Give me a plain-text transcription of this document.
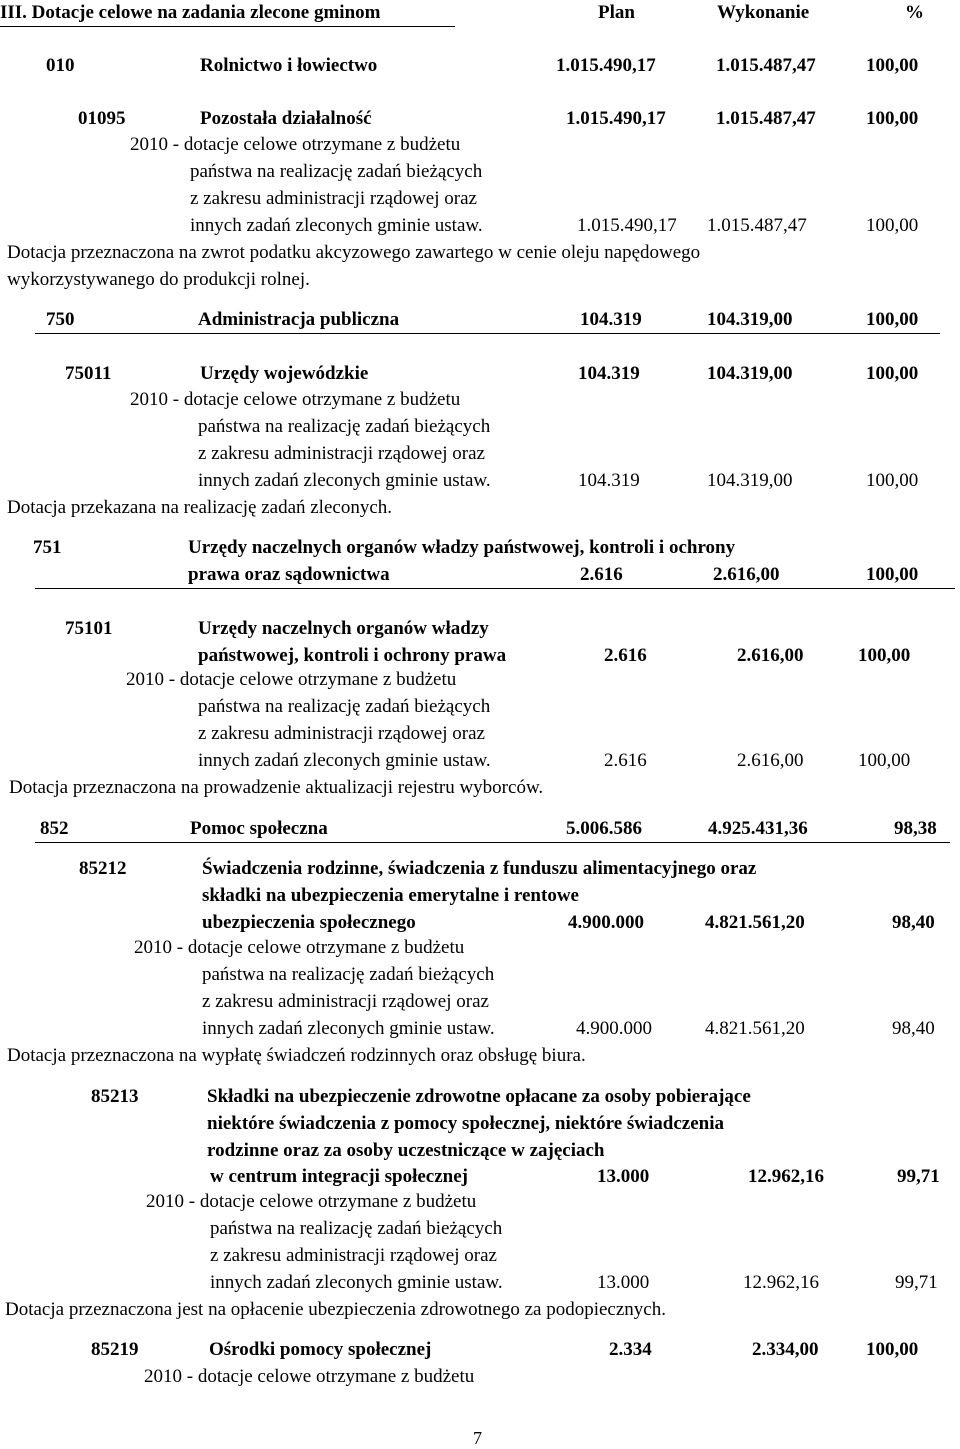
III. Dotacje celowe na zadania zlecone gminom	Plan	Wykonanie	%
010	Rolnictwo i łowiectwo	1.015.490,17	1.015.487,47	100,00
01095	Pozostała działalność	1.015.490,17	1.015.487,47	100,00
2010 - dotacje celowe otrzymane z budżetu
państwa na realizację zadań bieżących
z zakresu administracji rządowej oraz
innych zadań zleconych gminie ustaw.	1.015.490,17 1.015.487,47	100,00
Dotacja przeznaczona na zwrot podatku akcyzowego zawartego w cenie oleju napędowego
wykorzystywanego do produkcji rolnej.
750	Administracja publiczna	104.319	104.319,00	100,00
75011	Urzędy wojewódzkie	104.319	104.319,00	100,00
2010 - dotacje celowe otrzymane z budżetu
państwa na realizację zadań bieżących
z zakresu administracji rządowej oraz
innych zadań zleconych gminie ustaw.	104.319	104.319,00	100,00
Dotacja przekazana na realizację zadań zleconych.
751	Urzędy naczelnych organów władzy państwowej, kontroli i ochrony
prawa oraz sądownictwa	2.616	2.616,00	100,00
75101	Urzędy naczelnych organów władzy
państwowej, kontroli i ochrony prawa	2.616	2.616,00	100,00
2010 - dotacje celowe otrzymane z budżetu
państwa na realizację zadań bieżących
z zakresu administracji rządowej oraz
innych zadań zleconych gminie ustaw.	2.616	2.616,00	100,00
Dotacja przeznaczona na prowadzenie aktualizacji rejestru wyborców.
852	Pomoc społeczna	5.006.586	4.925.431,36	98,38
85212	Świadczenia rodzinne, świadczenia z funduszu alimentacyjnego oraz
składki na ubezpieczenia emerytalne i rentowe
ubezpieczenia społecznego	4.900.000	4.821.561,20	98,40
2010 - dotacje celowe otrzymane z budżetu
państwa na realizację zadań bieżących
z zakresu administracji rządowej oraz
innych zadań zleconych gminie ustaw.	4.900.000	4.821.561,20	98,40
Dotacja przeznaczona na wypłatę świadczeń rodzinnych oraz obsługę biura.
85213	Składki na ubezpieczenie zdrowotne opłacane za osoby pobierające
niektóre świadczenia z pomocy społecznej, niektóre świadczenia
rodzinne oraz za osoby uczestniczące w zajęciach
w centrum integracji społecznej	13.000	12.962,16	99,71
2010 - dotacje celowe otrzymane z budżetu
państwa na realizację zadań bieżących
z zakresu administracji rządowej oraz
innych zadań zleconych gminie ustaw.	13.000	12.962,16	99,71
Dotacja przeznaczona jest na opłacenie ubezpieczenia zdrowotnego za podopiecznych.
85219	Ośrodki pomocy społecznej	2.334	2.334,00	100,00
2010 - dotacje celowe otrzymane z budżetu
7
